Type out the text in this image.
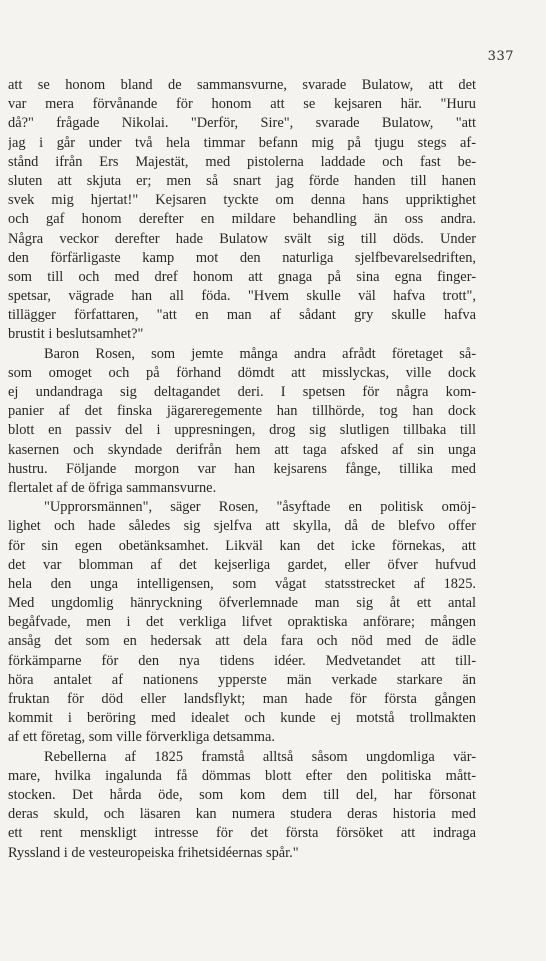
337
att se honom bland de sammansvurne, svarade Bulatow, att det
var mera förvånande för honom att se kejsaren här. "Huru
då?" frågade Nikolai. "Derför, Sire", svarade Bulatow, "att
jag i går under två hela timmar befann mig på tjugu stegs af-
stånd ifrån Ers Majestät, med pistolerna laddade och fast be-
sluten att skjuta er; men så snart jag förde handen till hanen
svek mig hjertat!" Kejsaren tyckte om denna hans uppriktighet
och gaf honom derefter en mildare behandling än oss andra.
Några veckor derefter hade Bulatow svält sig till döds. Under
den förfärligaste kamp mot den naturliga sjelfbevarelsedriften,
som till och med dref honom att gnaga på sina egna finger-
spetsar, vägrade han all föda. "Hvem skulle väl hafva trott",
tillägger författaren, "att en man af sådant gry skulle hafva
brustit i beslutsamhet?"
Baron Rosen, som jemte många andra afrådt företaget så-
som omoget och på förhand dömdt att misslyckas, ville dock
ej undandraga sig deltagandet deri. I spetsen för några kom-
panier af det finska jägareregemente han tillhörde, tog han dock
blott en passiv del i uppresningen, drog sig slutligen tillbaka till
kasernen och skyndade derifrån hem att taga afsked af sin unga
hustru. Följande morgon var han kejsarens fånge, tillika med
flertalet af de öfriga sammansvurne.
"Upprorsmännen", säger Rosen, "åsyftade en politisk omöj-
lighet och hade således sig sjelfva att skylla, då de blefvo offer
för sin egen obetänksamhet. Likväl kan det icke förnekas, att
det var blomman af det kejserliga gardet, eller öfver hufvud
hela den unga intelligensen, som vågat statsstrecket af 1825.
Med ungdomlig hänryckning öfverlemnade man sig åt ett antal
begåfvade, men i det verkliga lifvet opraktiska anförare; mången
ansåg det som en hedersak att dela fara och nöd med de ädle
förkämparne för den nya tidens idéer. Medvetandet att till-
höra antalet af nationens ypperste män verkade starkare än
fruktan för död eller landsflykt; man hade för första gången
kommit i beröring med idealet och kunde ej motstå trollmakten
af ett företag, som ville förverkliga detsamma.
Rebellerna af 1825 framstå alltså såsom ungdomliga vär-
mare, hvilka ingalunda få dömmas blott efter den politiska mått-
stocken. Det hårda öde, som kom dem till del, har försonat
deras skuld, och läsaren kan numera studera deras historia med
ett rent menskligt intresse för det första försöket att indraga
Ryssland i de vesteuropeiska frihetsidéernas spår."
